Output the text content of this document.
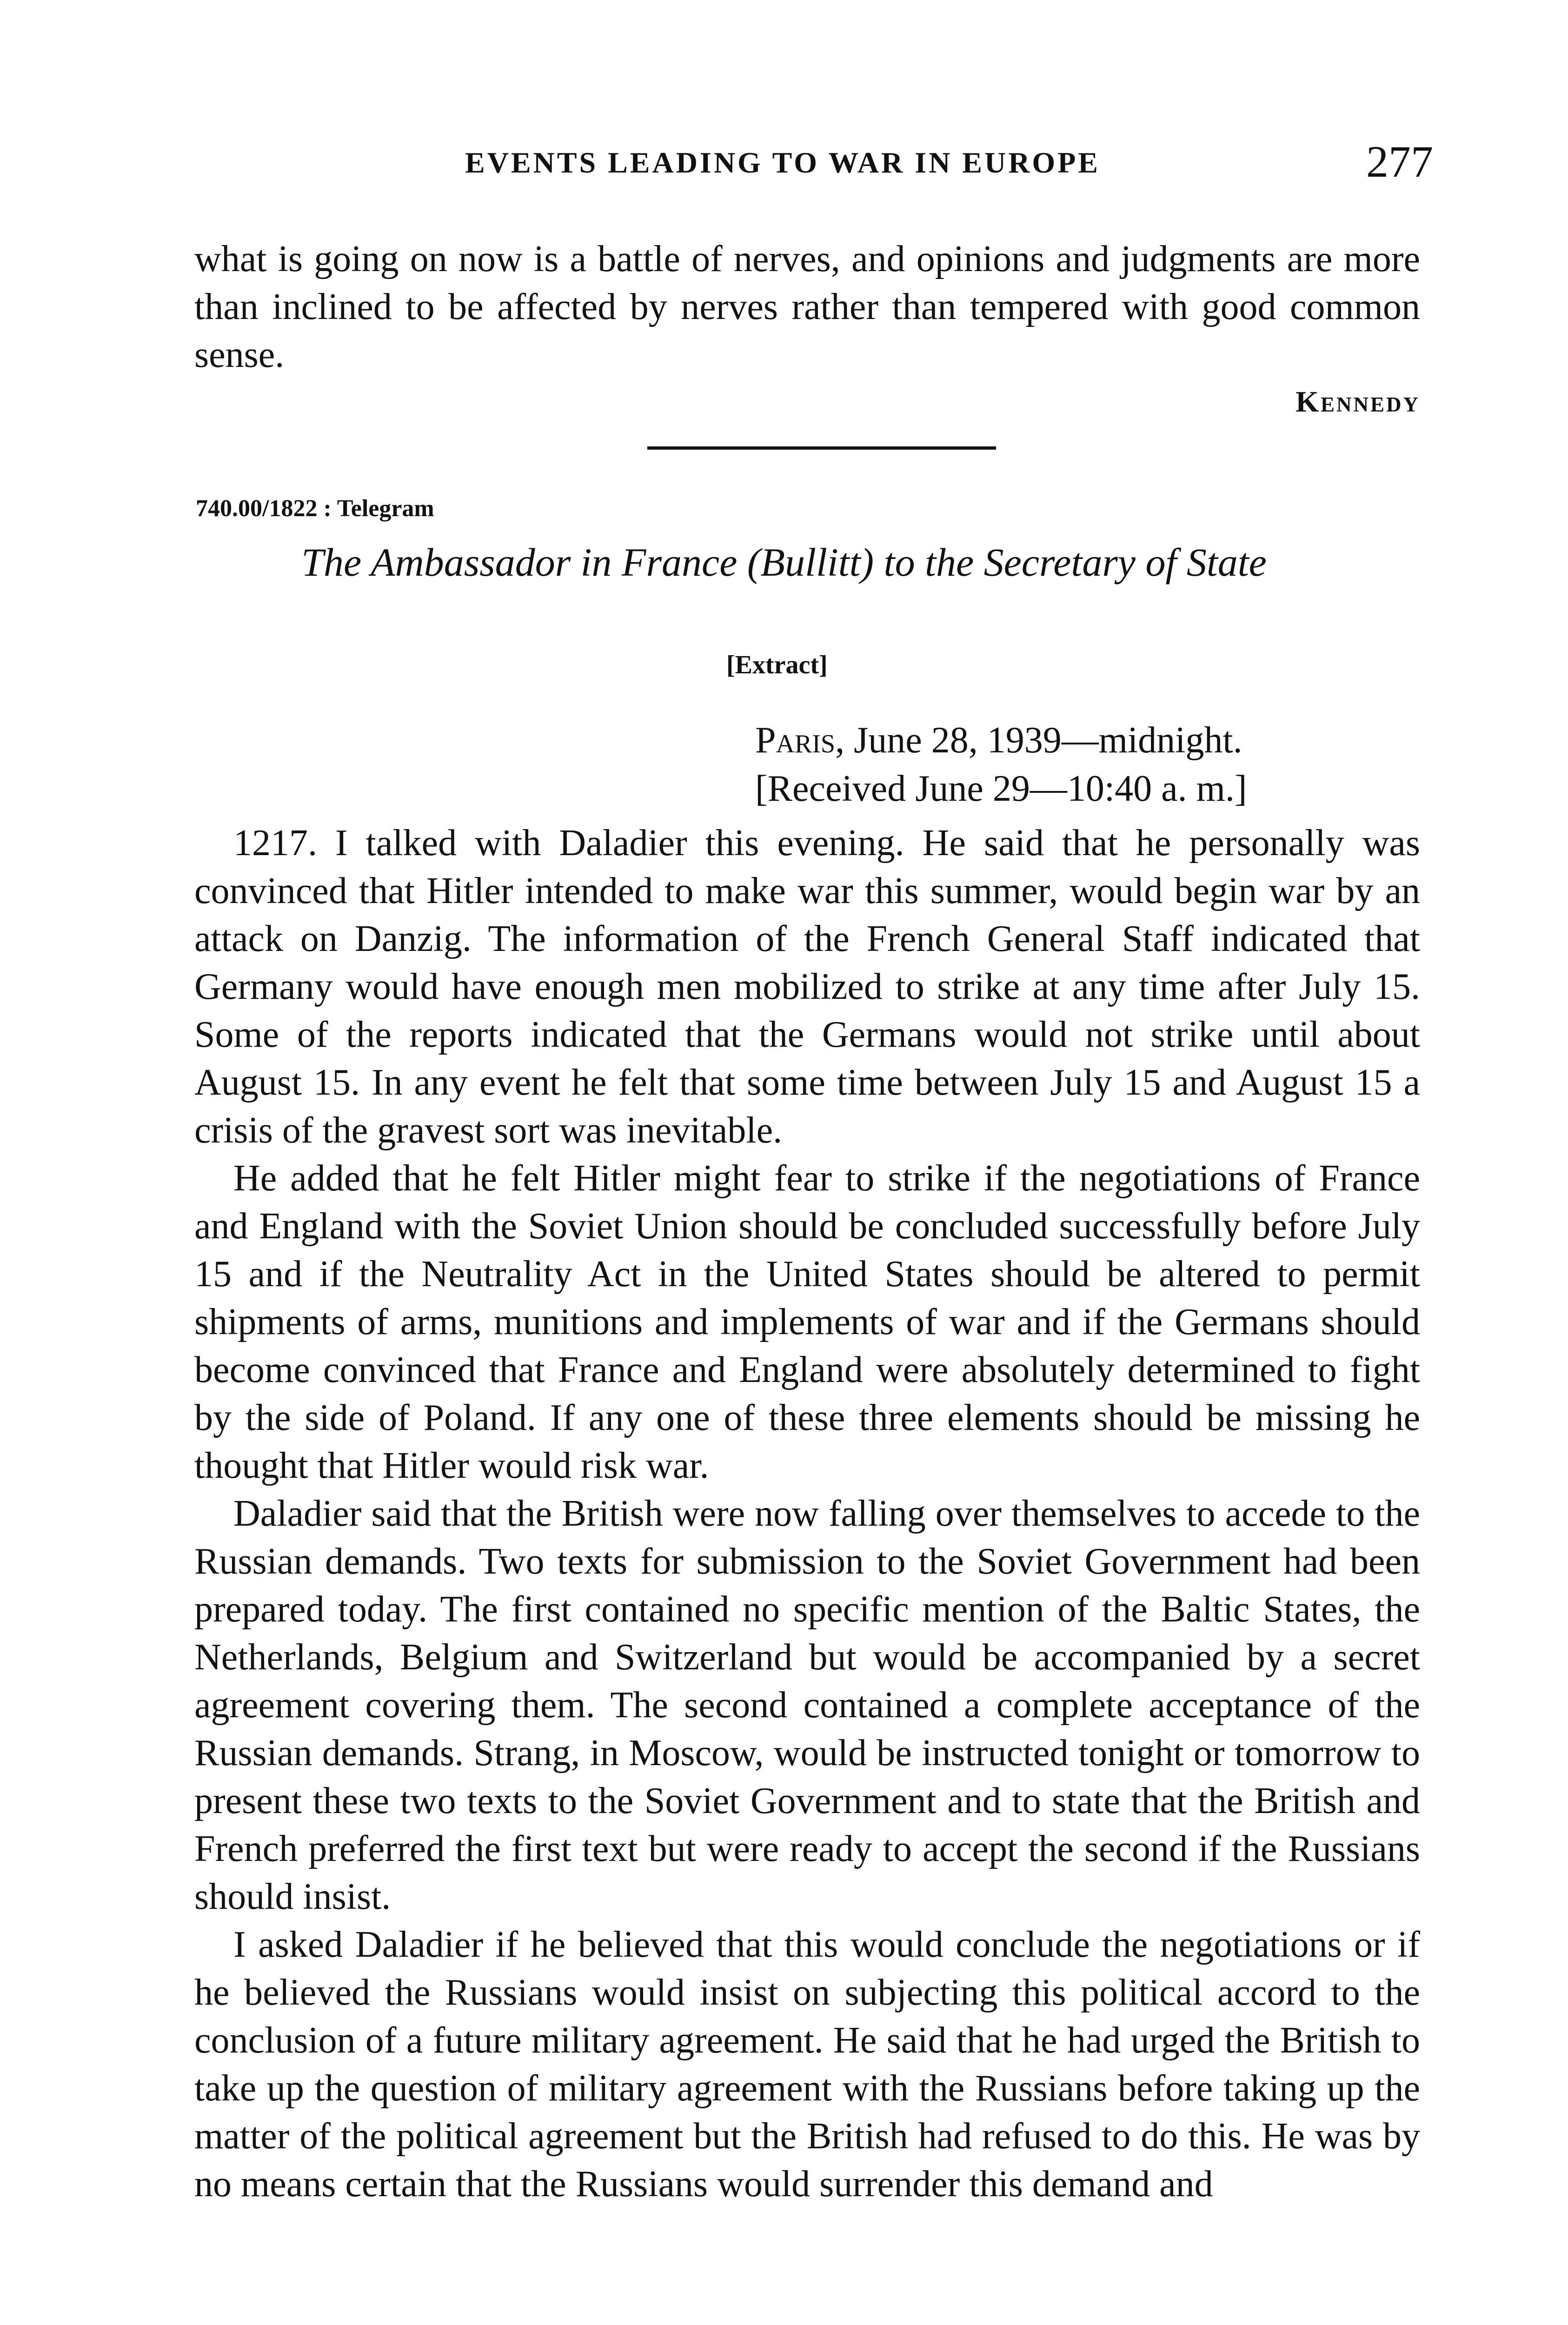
EVENTS LEADING TO WAR IN EUROPE	277

what is going on now is a battle of nerves, and opinions and judgments are more than inclined to be affected by nerves rather than tempered with good common sense.

Kennedy
740.00/1822 : Telegram
The Ambassador in France (Bullitt) to the Secretary of State
[Extract]
Paris, June 28, 1939—midnight.
[Received June 29—10:40 a. m.]

1217. I talked with Daladier this evening. He said that he personally was convinced that Hitler intended to make war this summer, would begin war by an attack on Danzig. The information of the French General Staff indicated that Germany would have enough men mobilized to strike at any time after July 15. Some of the reports indicated that the Germans would not strike until about August 15. In any event he felt that some time between July 15 and August 15 a crisis of the gravest sort was inevitable.

He added that he felt Hitler might fear to strike if the negotiations of France and England with the Soviet Union should be concluded successfully before July 15 and if the Neutrality Act in the United States should be altered to permit shipments of arms, munitions and implements of war and if the Germans should become convinced that France and England were absolutely determined to fight by the side of Poland. If any one of these three elements should be missing he thought that Hitler would risk war.

Daladier said that the British were now falling over themselves to accede to the Russian demands. Two texts for submission to the Soviet Government had been prepared today. The first contained no specific mention of the Baltic States, the Netherlands, Belgium and Switzerland but would be accompanied by a secret agreement covering them. The second contained a complete acceptance of the Russian demands. Strang, in Moscow, would be instructed tonight or tomorrow to present these two texts to the Soviet Government and to state that the British and French preferred the first text but were ready to accept the second if the Russians should insist.

I asked Daladier if he believed that this would conclude the negotiations or if he believed the Russians would insist on subjecting this political accord to the conclusion of a future military agreement. He said that he had urged the British to take up the question of military agreement with the Russians before taking up the matter of the political agreement but the British had refused to do this. He was by no means certain that the Russians would surrender this demand and
